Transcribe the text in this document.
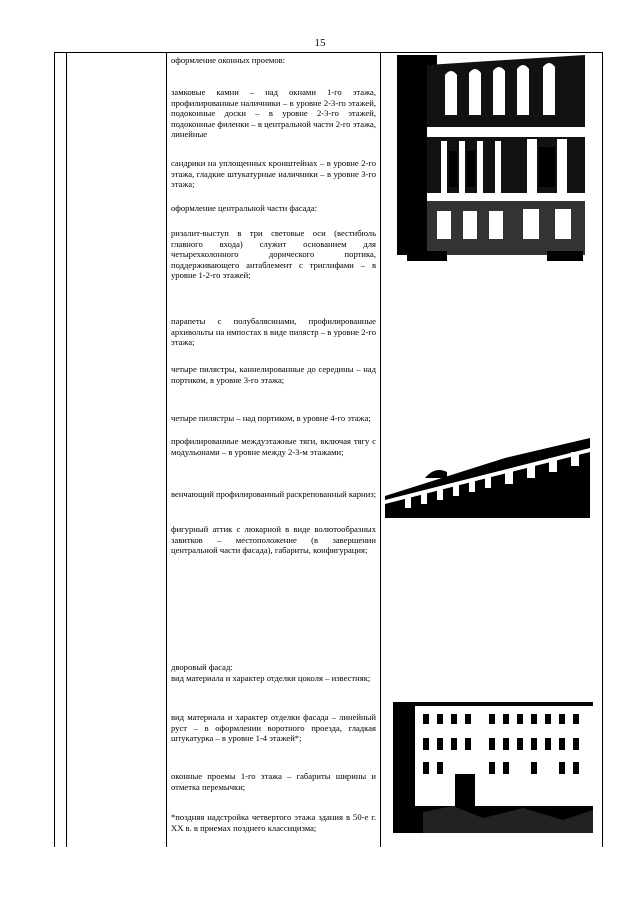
15
оформление оконных проемов:
замковые камни – над окнами 1-го этажа, профилированные наличники – в уровне 2-3-го этажей, подоконные доски – в уровне 2-3-го этажей, подоконные филенки – в центральной части 2-го этажа, линейные
сандрики на уплощенных кронштейнах – в уровне 2-го этажа, гладкие штукатурные наличники – в уровне 3-го этажа;
оформление центральной части фасада:
ризалит-выступ в три световые оси (вестибюль главного входа) служит основанием для четырехколонного дорического портика, поддерживающего антаблемент с триглифами – в уровне 1-2-го этажей;
парапеты с полубалясинами, профилированные архивольты на импостах в виде пилястр – в уровне 2-го этажа;
четыре пилястры, каннелированные до середины – над портиком, в уровне 3-го этажа;
четыре пилястры – над портиком, в уровне 4-го этажа;
профилированные междуэтажные тяги, включая тягу с модульонами – в уровне между 2-3-м этажами;
венчающий профилированный раскрепованный карниз;
фигурный аттик с люкарной в виде волютообразных завитков – местоположение (в завершении центральной части фасада), габариты, конфигурация;
дворовый фасад:
вид материала и характер отделки цоколя – известняк;
вид материала и характер отделки фасада – линейный руст – в оформлении воротного проезда, гладкая штукатурка – в уровне 1-4 этажей*;
оконные проемы 1-го этажа – габариты ширины и отметка перемычки;
*поздняя надстройка четвертого этажа здания в 50-е г. XX в. в приемах позднего классицизма;
